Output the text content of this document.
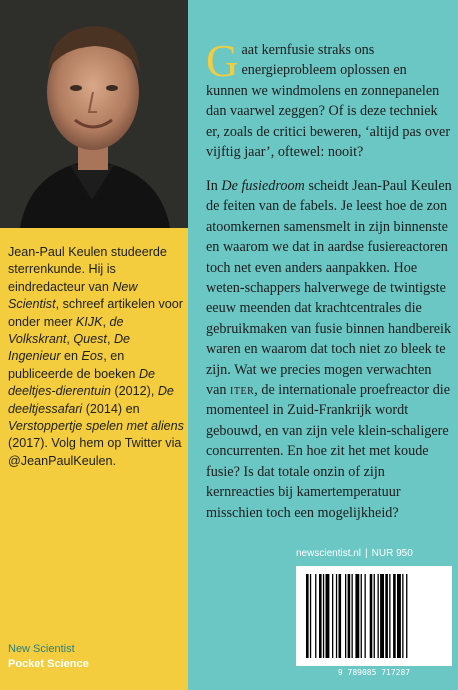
Jean-Paul Keulen studeerde sterrenkunde. Hij is eindredacteur van New Scientist, schreef artikelen voor onder meer KIJK, de Volkskrant, Quest, De Ingenieur en Eos, en publiceerde de boeken De deeltjes-dierentuin (2012), De deeltjessafari (2014) en Verstoppertje spelen met aliens (2017). Volg hem op Twitter via @JeanPaulKeulen.
New Scientist
Pocket Science
Gaat kernfusie straks ons energieprobleem oplossen en kunnen we windmolens en zonnepanelen dan vaarwel zeggen? Of is deze techniek er, zoals de critici beweren, ‘altijd pas over vijftig jaar’, oftewel: nooit?
In De fusiedroom scheidt Jean-Paul Keulen de feiten van de fabels. Je leest hoe de zon atoomkernen samensmelt in zijn binnenste en waarom we dat in aardse fusiereactoren toch net even anders aanpakken. Hoe weten-schappers halverwege de twintigste eeuw meenden dat krachtcentrales die gebruikmaken van fusie binnen handbereik waren en waarom dat toch niet zo bleek te zijn. Wat we precies mogen verwachten van iter, de internationale proefreactor die momenteel in Zuid-Frankrijk wordt gebouwd, en van zijn vele klein-schaligere concurrenten. En hoe zit het met koude fusie? Is dat totale onzin of zijn kernreacties bij kamertemperatuur misschien toch een mogelijkheid?
newscientist.nl | NUR 950
9 789085 717287
